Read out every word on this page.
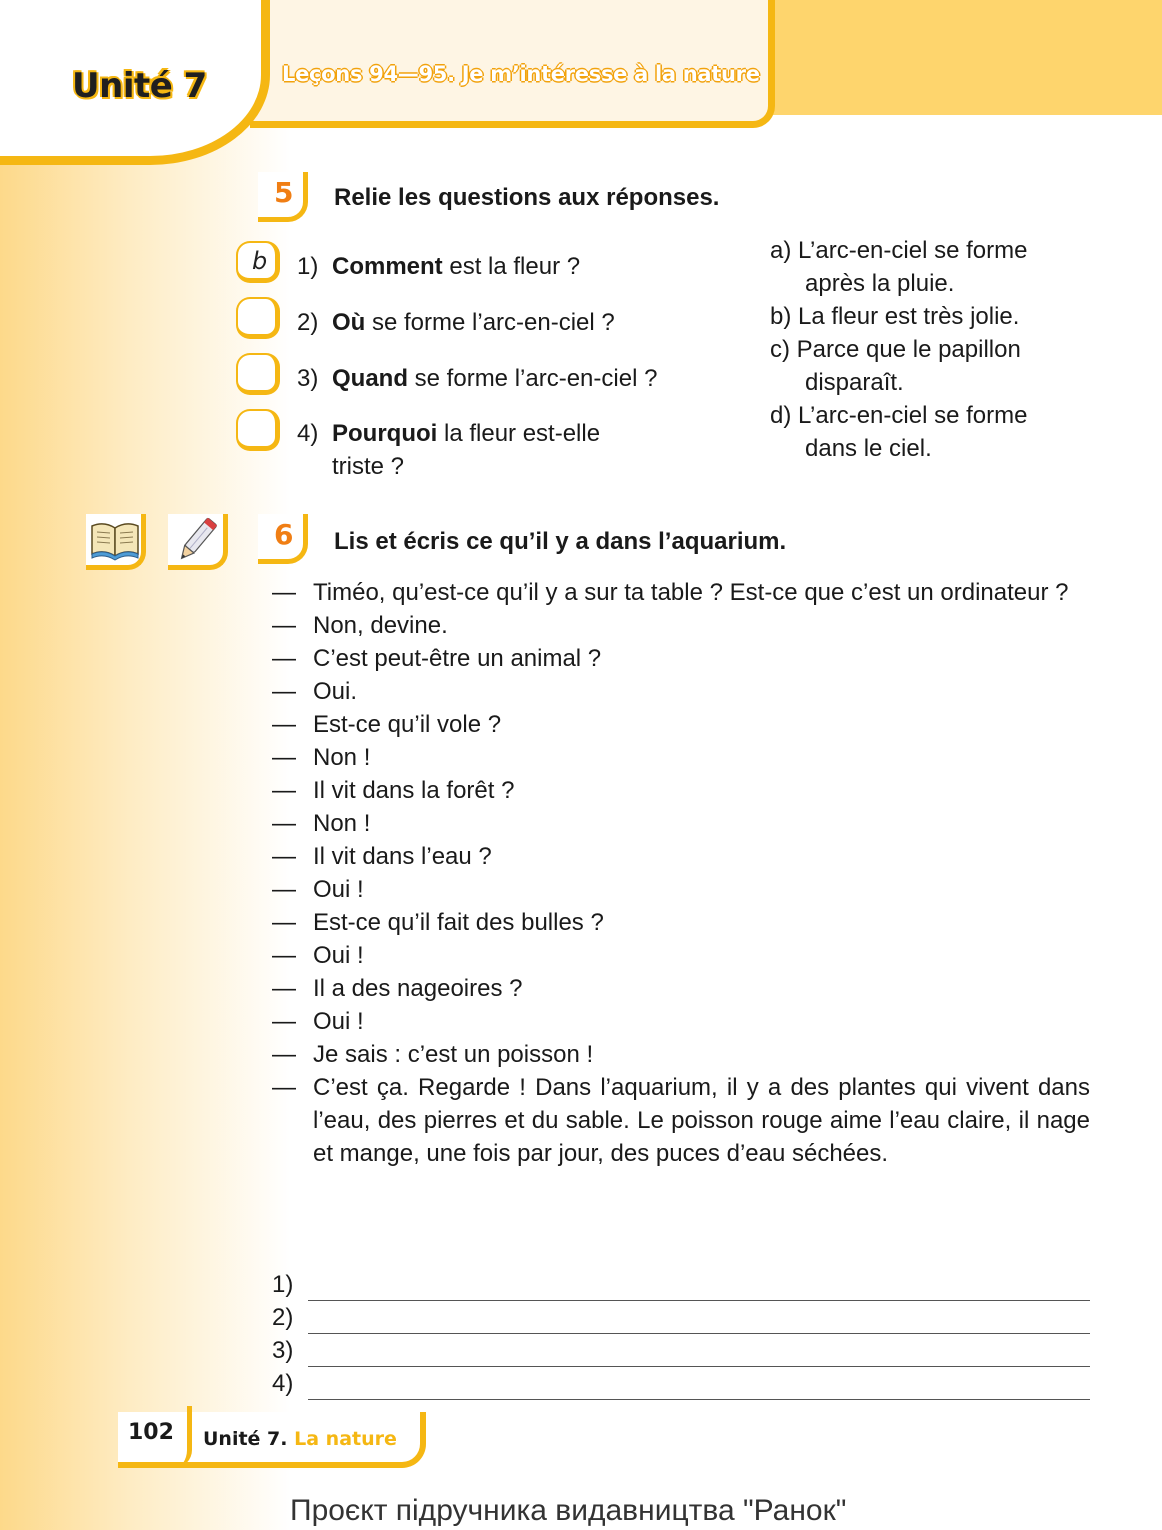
Unité 7	Leçons 94—95. Je m’intéresse à la nature
5	Relie les questions aux réponses.
b	1) Comment est la fleur ?
2) Où se forme l’arc-en-ciel ?
3) Quand se forme l’arc-en-ciel ?
4) Pourquoi la fleur est-elle
triste ?
a) L’arc-en-ciel se forme
après la pluie.
b) La fleur est très jolie.
c) Parce que le papillon
disparaît.
d) L’arc-en-ciel se forme
dans le ciel.
6	Lis et écris ce qu’il y a dans l’aquarium.
— Timéo, qu’est-ce qu’il y a sur ta table ? Est-ce que c’est un ordinateur ?
— Non, devine.
— C’est peut-être un animal ?
— Oui.
— Est-ce qu’il vole ?
— Non !
— Il vit dans la forêt ?
— Non !
— Il vit dans l’eau ?
— Oui !
— Est-ce qu’il fait des bulles ?
— Oui !
— Il a des nageoires ?
— Oui !
— Je sais : c’est un poisson !
— C’est ça. Regarde ! Dans l’aquarium, il y a des plantes qui vivent dans l’eau, des pierres et du sable. Le poisson rouge aime l’eau claire, il nage et mange, une fois par jour, des puces d’eau séchées.
1)
2)
3)
4)
102 Unité 7. La nature
Проєкт підручника видавництва "Ранок"
